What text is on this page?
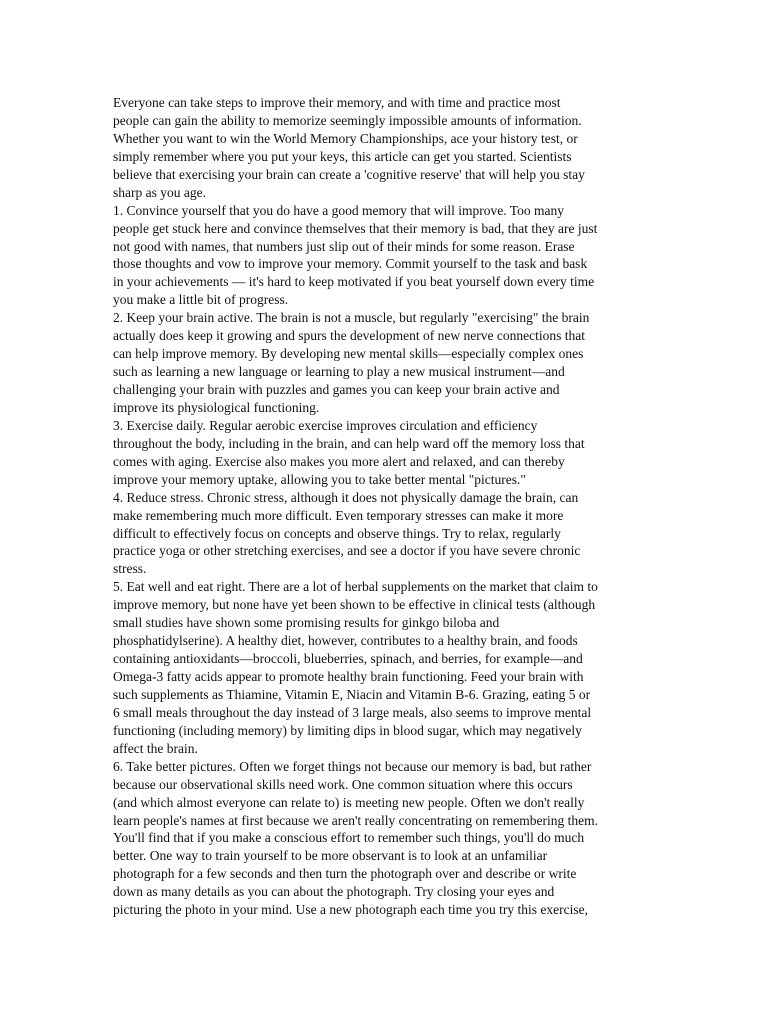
Everyone can take steps to improve their memory, and with time and practice most
people can gain the ability to memorize seemingly impossible amounts of information.
Whether you want to win the World Memory Championships, ace your history test, or
simply remember where you put your keys, this article can get you started. Scientists
believe that exercising your brain can create a 'cognitive reserve' that will help you stay
sharp as you age.
1. Convince yourself that you do have a good memory that will improve. Too many
people get stuck here and convince themselves that their memory is bad, that they are just
not good with names, that numbers just slip out of their minds for some reason. Erase
those thoughts and vow to improve your memory. Commit yourself to the task and bask
in your achievements — it's hard to keep motivated if you beat yourself down every time
you make a little bit of progress.
2. Keep your brain active. The brain is not a muscle, but regularly "exercising" the brain
actually does keep it growing and spurs the development of new nerve connections that
can help improve memory. By developing new mental skills—especially complex ones
such as learning a new language or learning to play a new musical instrument—and
challenging your brain with puzzles and games you can keep your brain active and
improve its physiological functioning.
3. Exercise daily. Regular aerobic exercise improves circulation and efficiency
throughout the body, including in the brain, and can help ward off the memory loss that
comes with aging. Exercise also makes you more alert and relaxed, and can thereby
improve your memory uptake, allowing you to take better mental "pictures."
4. Reduce stress. Chronic stress, although it does not physically damage the brain, can
make remembering much more difficult. Even temporary stresses can make it more
difficult to effectively focus on concepts and observe things. Try to relax, regularly
practice yoga or other stretching exercises, and see a doctor if you have severe chronic
stress.
5. Eat well and eat right. There are a lot of herbal supplements on the market that claim to
improve memory, but none have yet been shown to be effective in clinical tests (although
small studies have shown some promising results for ginkgo biloba and
phosphatidylserine). A healthy diet, however, contributes to a healthy brain, and foods
containing antioxidants—broccoli, blueberries, spinach, and berries, for example—and
Omega-3 fatty acids appear to promote healthy brain functioning. Feed your brain with
such supplements as Thiamine, Vitamin E, Niacin and Vitamin B-6. Grazing, eating 5 or
6 small meals throughout the day instead of 3 large meals, also seems to improve mental
functioning (including memory) by limiting dips in blood sugar, which may negatively
affect the brain.
6. Take better pictures. Often we forget things not because our memory is bad, but rather
because our observational skills need work. One common situation where this occurs
(and which almost everyone can relate to) is meeting new people. Often we don't really
learn people's names at first because we aren't really concentrating on remembering them.
You'll find that if you make a conscious effort to remember such things, you'll do much
better. One way to train yourself to be more observant is to look at an unfamiliar
photograph for a few seconds and then turn the photograph over and describe or write
down as many details as you can about the photograph. Try closing your eyes and
picturing the photo in your mind. Use a new photograph each time you try this exercise,
